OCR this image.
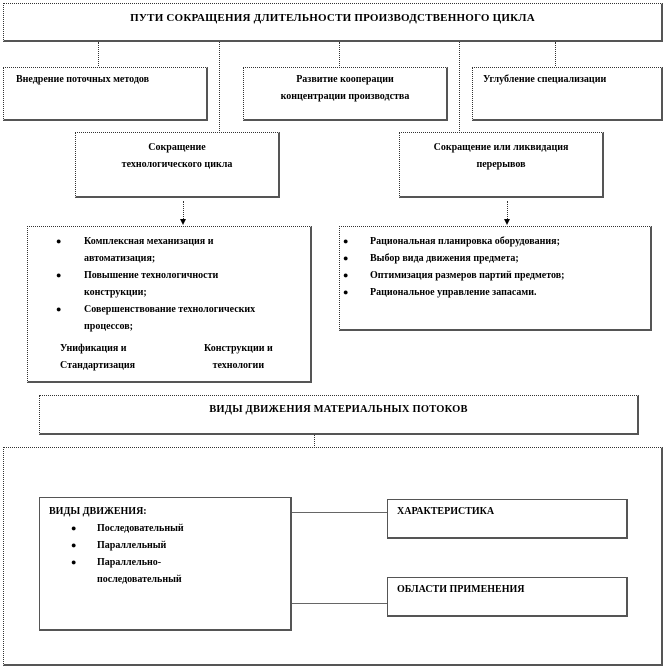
ПУТИ СОКРАЩЕНИЯ ДЛИТЕЛЬНОСТИ ПРОИЗВОДСТВЕННОГО ЦИКЛА
Внедрение поточных методов	Развитие кооперации
концентрации производства
Углубление специализации
Сокращение
технологического цикла
Сокращение или ликвидация
перерывов
● Комплексная механизация и
автоматизация;
● Повышение технологичности
конструкции;
● Совершенствование технологических
процессов;
Унификация и
Стандартизация
Конструкции и
технологии
● Рациональная планировка оборудования;
● Выбор вида движения предмета;
● Оптимизация размеров партий предметов;
● Рациональное управление запасами.
ВИДЫ ДВИЖЕНИЯ МАТЕРИАЛЬНЫХ ПОТОКОВ
ВИДЫ ДВИЖЕНИЯ:
● Последовательный
● Параллельный
● Параллельно-
последовательный
ХАРАКТЕРИСТИКА
ОБЛАСТИ ПРИМЕНЕНИЯ
